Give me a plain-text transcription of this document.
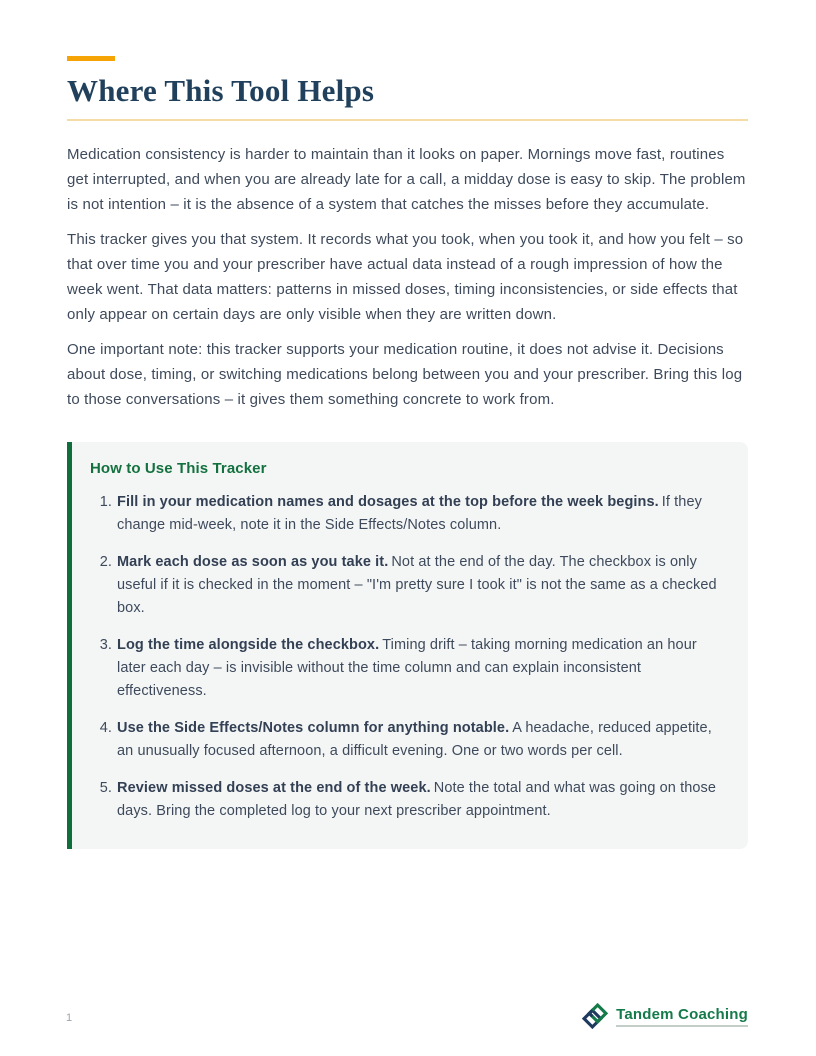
Where This Tool Helps

Medication consistency is harder to maintain than it looks on paper. Mornings move fast, routines get interrupted, and when you are already late for a call, a midday dose is easy to skip. The problem is not intention – it is the absence of a system that catches the misses before they accumulate.

This tracker gives you that system. It records what you took, when you took it, and how you felt – so that over time you and your prescriber have actual data instead of a rough impression of how the week went. That data matters: patterns in missed doses, timing inconsistencies, or side effects that only appear on certain days are only visible when they are written down.

One important note: this tracker supports your medication routine, it does not advise it. Decisions about dose, timing, or switching medications belong between you and your prescriber. Bring this log to those conversations – it gives them something concrete to work from.

How to Use This Tracker
1. Fill in your medication names and dosages at the top before the week begins. If they change mid-week, note it in the Side Effects/Notes column.
2. Mark each dose as soon as you take it. Not at the end of the day. The checkbox is only useful if it is checked in the moment – "I'm pretty sure I took it" is not the same as a checked box.
3. Log the time alongside the checkbox. Timing drift – taking morning medication an hour later each day – is invisible without the time column and can explain inconsistent effectiveness.
4. Use the Side Effects/Notes column for anything notable. A headache, reduced appetite, an unusually focused afternoon, a difficult evening. One or two words per cell.
5. Review missed doses at the end of the week. Note the total and what was going on those days. Bring the completed log to your next prescriber appointment.
1	Tandem Coaching
